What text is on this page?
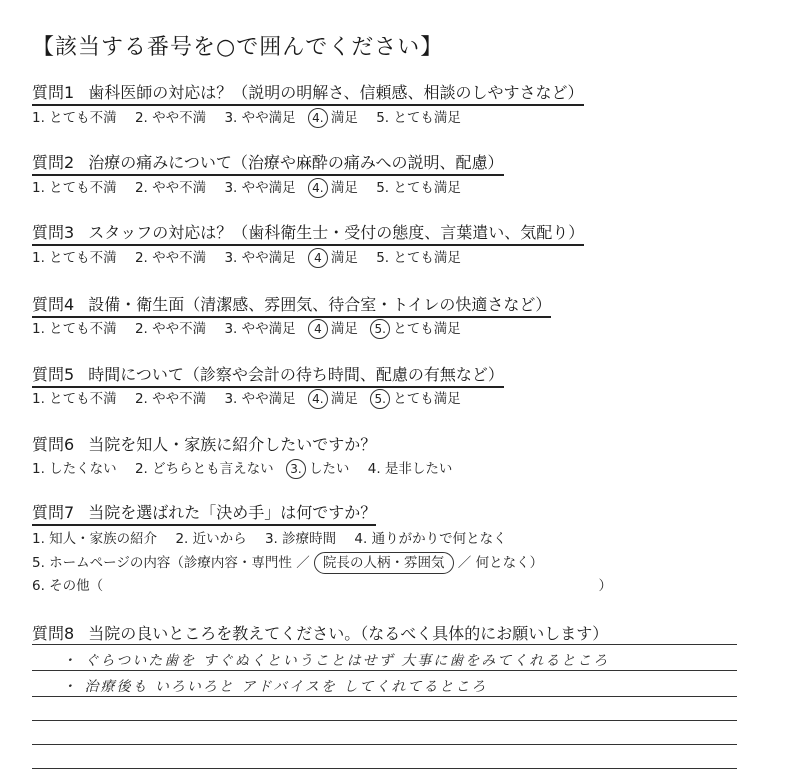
【該当する番号を○で囲んでください】
質問1 歯科医師の対応は？（説明の明解さ、信頼感、相談のしやすさなど）
1. とても不満 2. やや不満 3. やや満足 4. 満足 5. とても満足
質問2 治療の痛みについて（治療や麻酔の痛みへの説明、配慮）
1. とても不満 2. やや不満 3. やや満足 4. 満足 5. とても満足
質問3 スタッフの対応は？（歯科衛生士・受付の態度、言葉遣い、気配り）
1. とても不満 2. やや不満 3. やや満足 4 満足 5. とても満足
質問4 設備・衛生面（清潔感、雰囲気、待合室・トイレの快適さなど）
1. とても不満 2. やや不満 3. やや満足 4 満足 5. とても満足
質問5 時間について（診察や会計の待ち時間、配慮の有無など）
1. とても不満 2. やや不満 3. やや満足 4. 満足 5. とても満足
質問6 当院を知人・家族に紹介したいですか？
1. したくない 2. どちらとも言えない 3. したい 4. 是非したい
質問7 当院を選ばれた「決め手」は何ですか？
1. 知人・家族の紹介 2. 近いから 3. 診療時間 4. 通りがかりで何となく
5. ホームページの内容（診療内容・専門性 ／ 院長の人柄・雰囲気 ／ 何となく）
6. その他（	）
質問8 当院の良いところを教えてください。（なるべく具体的にお願いします）
・ ぐらついた歯を すぐぬくということはせず 大事に歯をみてくれるところ
・ 治療後も いろいろと アドバイスを してくれてるところ
